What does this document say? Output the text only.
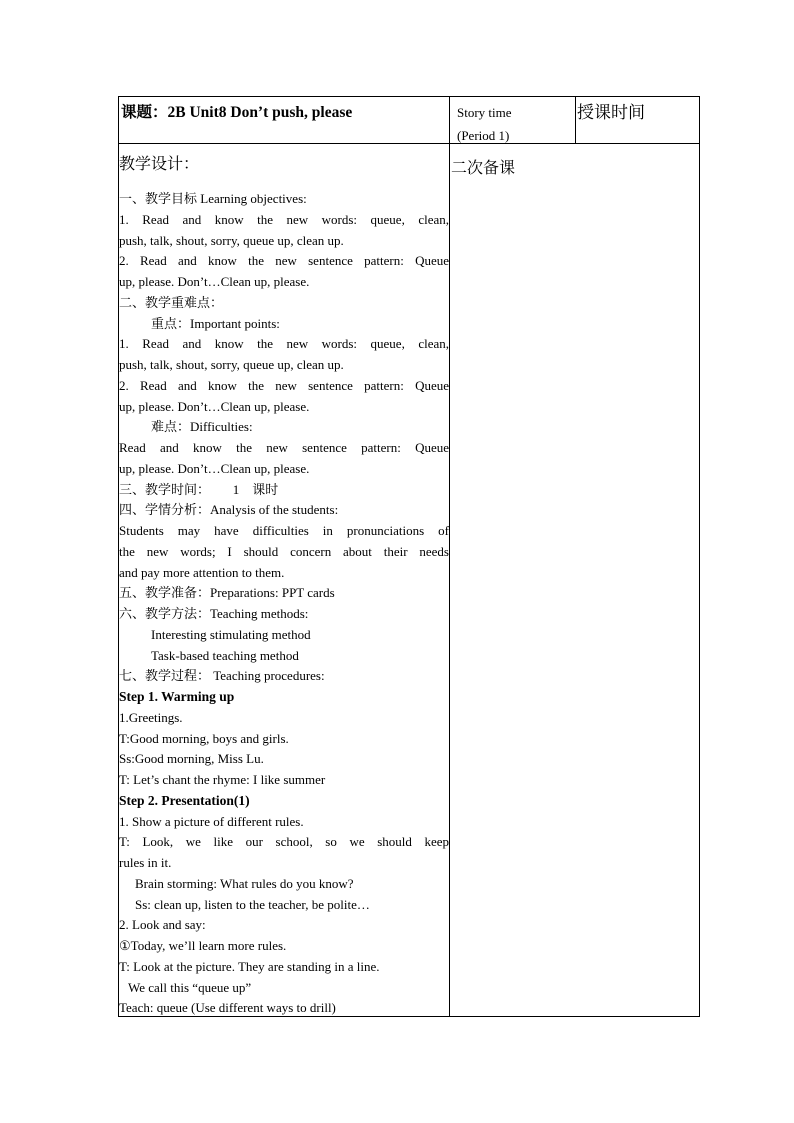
课题：2B Unit8 Don’t push, please	Story time
(Period 1)
授课时间
二次备课
教学设计：
一、教学目标 Learning objectives:
1. Read and know the new words: queue, clean,
push, talk, shout, sorry, queue up, clean up.
2. Read and know the new sentence pattern: Queue
up, please. Don’t…Clean up, please.
二、教学重难点：
重点：Important points:
1. Read and know the new words: queue, clean,
push, talk, shout, sorry, queue up, clean up.
2. Read and know the new sentence pattern: Queue
up, please. Don’t…Clean up, please.
难点：Difficulties:
Read and know the new sentence pattern: Queue
up, please. Don’t…Clean up, please.
三、教学时间：       1    课时
四、学情分析：Analysis of the students:
Students may have difficulties in pronunciations of
the new words; I should concern about their needs
and pay more attention to them.
五、教学准备：Preparations: PPT cards
六、教学方法：Teaching methods:
Interesting stimulating method
Task-based teaching method
七、教学过程： Teaching procedures:
Step 1. Warming up
1.Greetings.
T:Good morning, boys and girls.
Ss:Good morning, Miss Lu.
T: Let’s chant the rhyme: I like summer
Step 2. Presentation(1)
1. Show a picture of different rules.
T: Look, we like our school, so we should keep
rules in it.
Brain storming: What rules do you know?
Ss: clean up, listen to the teacher, be polite…
2. Look and say:
①Today, we’ll learn more rules.
T: Look at the picture. They are standing in a line.
We call this “queue up”
Teach: queue (Use different ways to drill)
